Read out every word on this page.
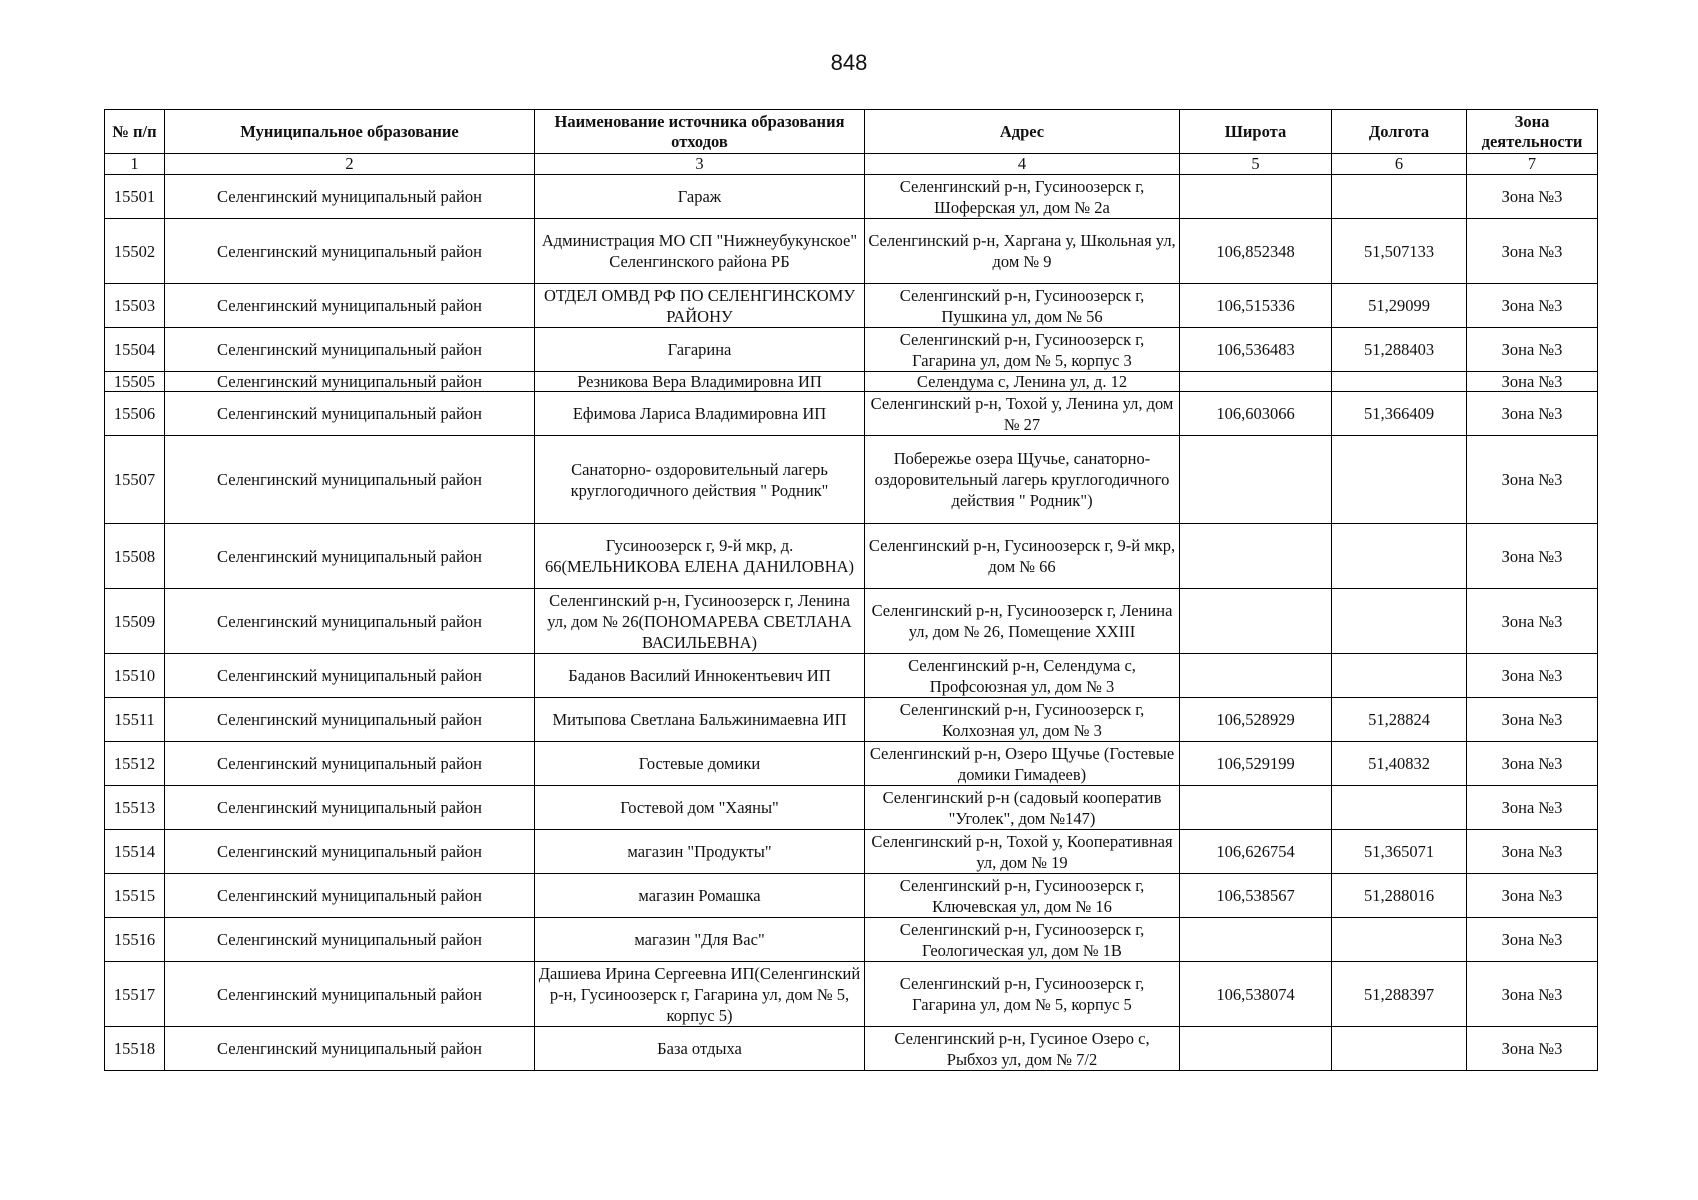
848
№ п/п	Муниципальное образование	Наименование источника образования отходов	Адрес	Широта	Долгота	Зона деятельности
1	2	3	4	5	6	7
15501	Селенгинский муниципальный район	Гараж	Селенгинский р-н, Гусиноозерск г, Шоферская ул, дом № 2а			Зона №3
15502	Селенгинский муниципальный район	Администрация МО СП "Нижнеубукунское" Селенгинского района РБ	Селенгинский р-н, Харгана у, Школьная ул, дом № 9	106,852348	51,507133	Зона №3
15503	Селенгинский муниципальный район	ОТДЕЛ ОМВД РФ ПО СЕЛЕНГИНСКОМУ РАЙОНУ	Селенгинский р-н, Гусиноозерск г, Пушкина ул, дом № 56	106,515336	51,29099	Зона №3
15504	Селенгинский муниципальный район	Гагарина	Селенгинский р-н, Гусиноозерск г, Гагарина ул, дом № 5, корпус 3	106,536483	51,288403	Зона №3
15505	Селенгинский муниципальный район	Резникова Вера Владимировна ИП	Селендума с, Ленина ул, д. 12			Зона №3
15506	Селенгинский муниципальный район	Ефимова Лариса Владимировна ИП	Селенгинский р-н, Тохой у, Ленина ул, дом № 27	106,603066	51,366409	Зона №3
15507	Селенгинский муниципальный район	Санаторно- оздоровительный лагерь круглогодичного действия " Родник"	Побережье озера Щучье, санаторно-оздоровительный лагерь круглогодичного действия " Родник")			Зона №3
15508	Селенгинский муниципальный район	Гусиноозерск г, 9-й мкр, д. 66(МЕЛЬНИКОВА ЕЛЕНА ДАНИЛОВНА)	Селенгинский р-н, Гусиноозерск г, 9-й мкр, дом № 66			Зона №3
15509	Селенгинский муниципальный район	Селенгинский р-н, Гусиноозерск г, Ленина ул, дом № 26(ПОНОМАРЕВА СВЕТЛАНА ВАСИЛЬЕВНА)	Селенгинский р-н, Гусиноозерск г, Ленина ул, дом № 26, Помещение XXIII			Зона №3
15510	Селенгинский муниципальный район	Баданов Василий Иннокентьевич ИП	Селенгинский р-н, Селендума с, Профсоюзная ул, дом № 3			Зона №3
15511	Селенгинский муниципальный район	Митыпова Светлана Бальжинимаевна ИП	Селенгинский р-н, Гусиноозерск г, Колхозная ул, дом № 3	106,528929	51,28824	Зона №3
15512	Селенгинский муниципальный район	Гостевые домики	Селенгинский р-н, Озеро Щучье (Гостевые домики Гимадеев)	106,529199	51,40832	Зона №3
15513	Селенгинский муниципальный район	Гостевой дом "Хаяны"	Селенгинский р-н (садовый кооператив "Уголек", дом №147)			Зона №3
15514	Селенгинский муниципальный район	магазин "Продукты"	Селенгинский р-н, Тохой у, Кооперативная ул, дом № 19	106,626754	51,365071	Зона №3
15515	Селенгинский муниципальный район	магазин Ромашка	Селенгинский р-н, Гусиноозерск г, Ключевская ул, дом № 16	106,538567	51,288016	Зона №3
15516	Селенгинский муниципальный район	магазин "Для Вас"	Селенгинский р-н, Гусиноозерск г, Геологическая ул, дом № 1В			Зона №3
15517	Селенгинский муниципальный район	Дашиева Ирина Сергеевна ИП(Селенгинский р-н, Гусиноозерск г, Гагарина ул, дом № 5, корпус 5)	Селенгинский р-н, Гусиноозерск г, Гагарина ул, дом № 5, корпус 5	106,538074	51,288397	Зона №3
15518	Селенгинский муниципальный район	База отдыха	Селенгинский р-н, Гусиное Озеро с, Рыбхоз ул, дом № 7/2			Зона №3
